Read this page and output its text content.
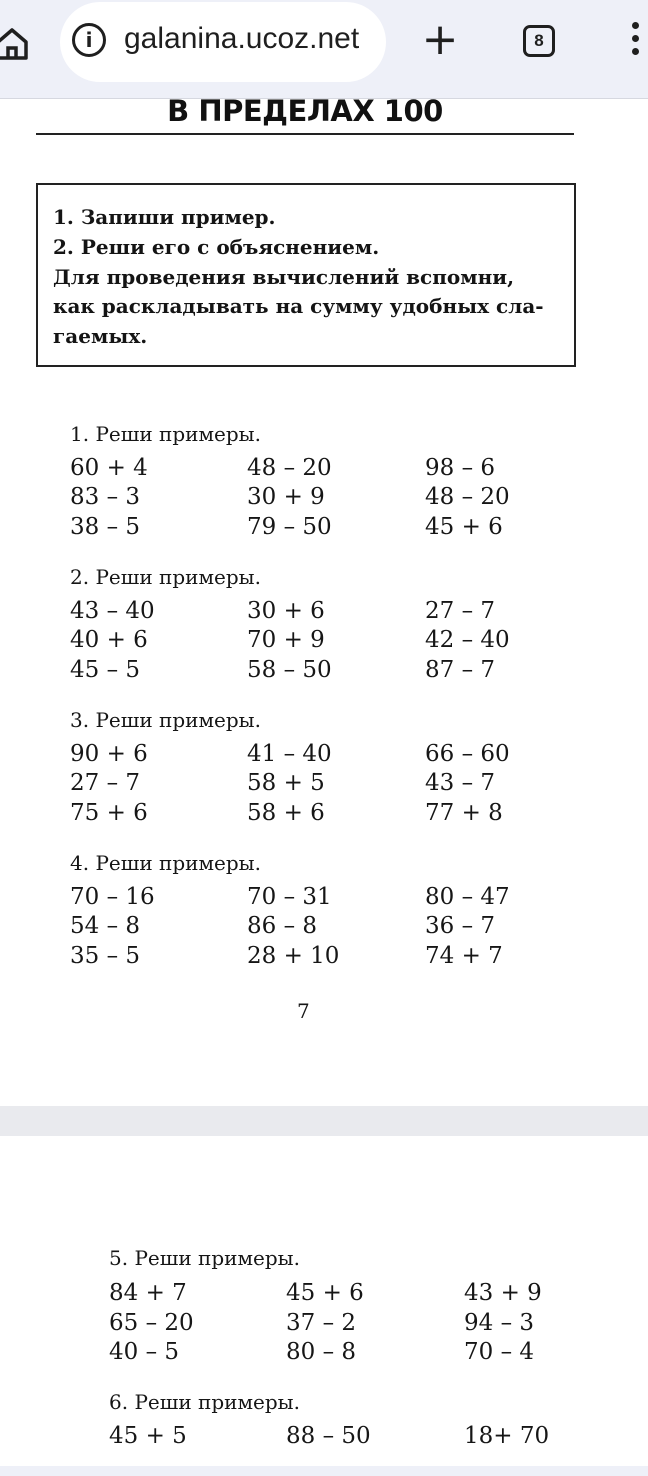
i	galanina.ucoz.net +	8
В ПРЕДЕЛАХ 100

1. Запиши пример.

2. Реши его с объяснением.

Для проведения вычислений вспомни,

как раскладывать на сумму удобных сла-

гаемых.

1. Реши примеры.
60 + 4	48 – 20	98 – 6
83 – 3	30 + 9	48 – 20
38 – 5	79 – 50	45 + 6
2. Реши примеры.
43 – 40	30 + 6	27 – 7
40 + 6	70 + 9	42 – 40
45 – 5	58 – 50	87 – 7
3. Реши примеры.
90 + 6	41 – 40	66 – 60
27 – 7	58 + 5	43 – 7
75 + 6	58 + 6	77 + 8
4. Реши примеры.
70 – 16	70 – 31	80 – 47
54 – 8	86 – 8	36 – 7
35 – 5	28 + 10	74 + 7
7
5. Реши примеры.
84 + 7	45 + 6	43 + 9
65 – 20	37 – 2	94 – 3
40 – 5	80 – 8	70 – 4
6. Реши примеры.
45 + 5	88 – 50	18+ 70
